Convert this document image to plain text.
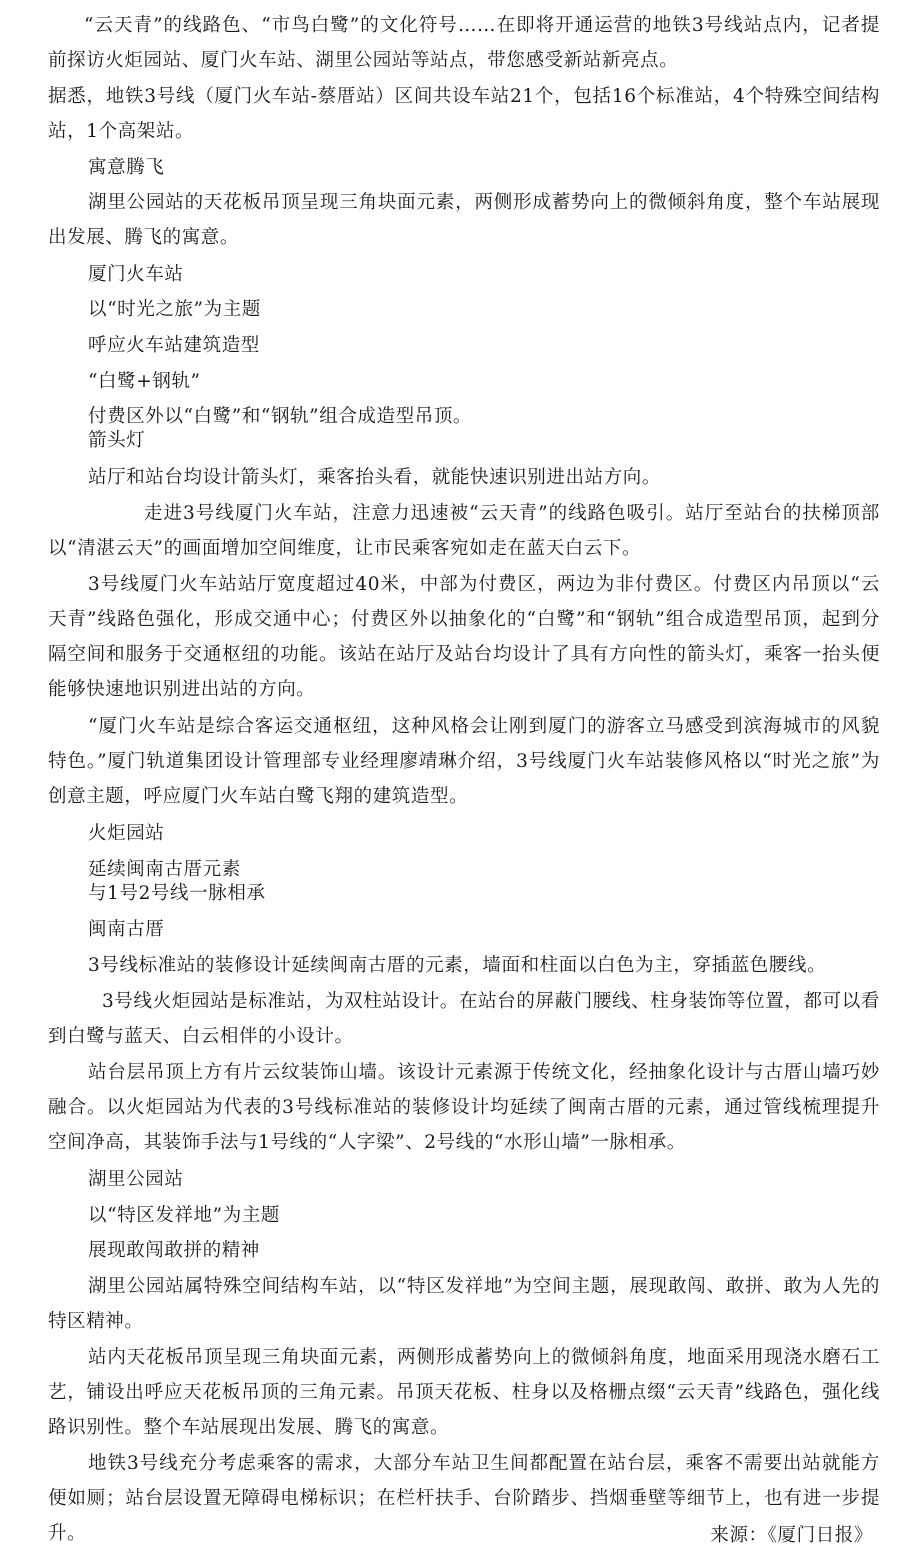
“云天青”的线路色、“市鸟白鹭”的文化符号……在即将开通运营的地铁3号线站点内，记者提前探访火炬园站、厦门火车站、湖里公园站等站点，带您感受新站新亮点。
据悉，地铁3号线（厦门火车站-蔡厝站）区间共设车站21个，包括16个标准站，4个特殊空间结构站，1个高架站。
寓意腾飞
湖里公园站的天花板吊顶呈现三角块面元素，两侧形成蓄势向上的微倾斜角度，整个车站展现出发展、腾飞的寓意。
厦门火车站
以“时光之旅”为主题
呼应火车站建筑造型
“白鹭+钢轨”
付费区外以“白鹭”和“钢轨”组合成造型吊顶。
箭头灯
站厅和站台均设计箭头灯，乘客抬头看，就能快速识别进出站方向。
走进3号线厦门火车站，注意力迅速被“云天青”的线路色吸引。站厅至站台的扶梯顶部以“清湛云天”的画面增加空间维度，让市民乘客宛如走在蓝天白云下。
3号线厦门火车站站厅宽度超过40米，中部为付费区，两边为非付费区。付费区内吊顶以“云天青”线路色强化，形成交通中心；付费区外以抽象化的“白鹭”和“钢轨”组合成造型吊顶，起到分隔空间和服务于交通枢纽的功能。该站在站厅及站台均设计了具有方向性的箭头灯，乘客一抬头便能够快速地识别进出站的方向。
“厦门火车站是综合客运交通枢纽，这种风格会让刚到厦门的游客立马感受到滨海城市的风貌特色。”厦门轨道集团设计管理部专业经理廖靖琳介绍，3号线厦门火车站装修风格以“时光之旅”为创意主题，呼应厦门火车站白鹭飞翔的建筑造型。
火炬园站
延续闽南古厝元素
与1号2号线一脉相承
闽南古厝
3号线标准站的装修设计延续闽南古厝的元素，墙面和柱面以白色为主，穿插蓝色腰线。
3号线火炬园站是标准站，为双柱站设计。在站台的屏蔽门腰线、柱身装饰等位置，都可以看到白鹭与蓝天、白云相伴的小设计。
站台层吊顶上方有片云纹装饰山墙。该设计元素源于传统文化，经抽象化设计与古厝山墙巧妙融合。以火炬园站为代表的3号线标准站的装修设计均延续了闽南古厝的元素，通过管线梳理提升空间净高，其装饰手法与1号线的“人字梁”、2号线的“水形山墙”一脉相承。
湖里公园站
以“特区发祥地”为主题
展现敢闯敢拼的精神
湖里公园站属特殊空间结构车站，以“特区发祥地”为空间主题，展现敢闯、敢拼、敢为人先的特区精神。
站内天花板吊顶呈现三角块面元素，两侧形成蓄势向上的微倾斜角度，地面采用现浇水磨石工艺，铺设出呼应天花板吊顶的三角元素。吊顶天花板、柱身以及格栅点缀“云天青”线路色，强化线路识别性。整个车站展现出发展、腾飞的寓意。
地铁3号线充分考虑乘客的需求，大部分车站卫生间都配置在站台层，乘客不需要出站就能方便如厕；站台层设置无障碍电梯标识；在栏杆扶手、台阶踏步、挡烟垂壁等细节上，也有进一步提升。	来源：《厦门日报》
